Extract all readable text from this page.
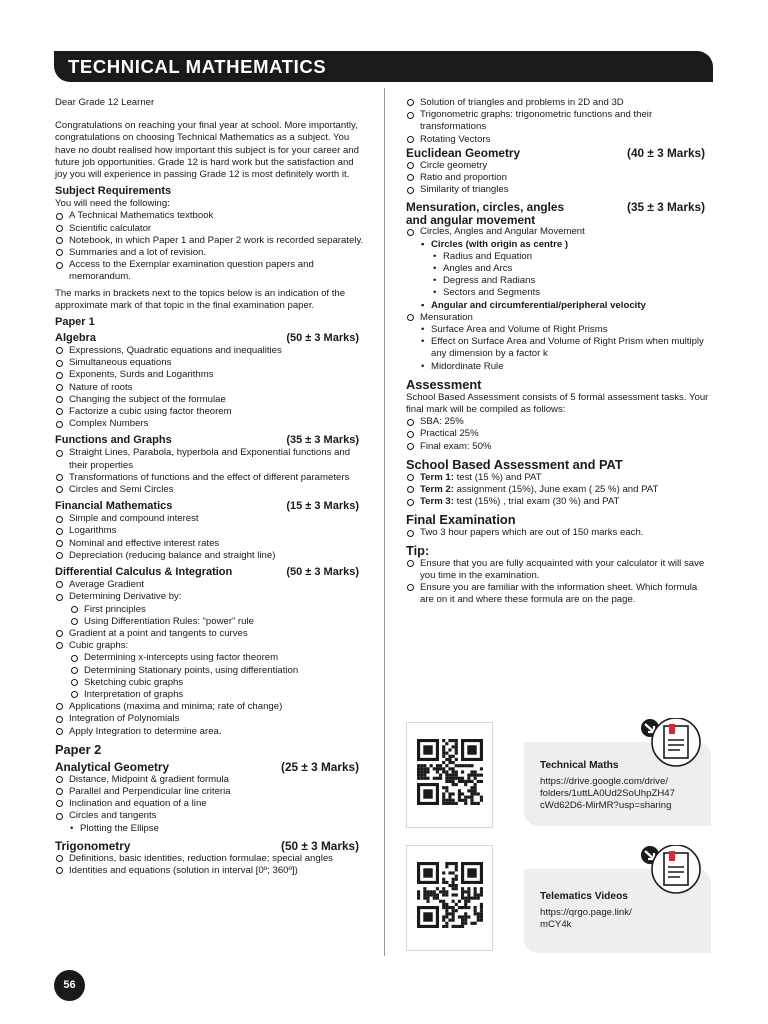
TECHNICAL MATHEMATICS

Dear Grade 12 Learner

Congratulations on reaching your final year at school. More importantly, congratulations on choosing Technical Mathematics as a subject. You have no doubt realised how important this subject is for your career and future job opportunities. Grade 12 is hard work but the satisfaction and joy you will experience in passing Grade 12 is most definitely worth it.

Subject Requirements

You will need the following:

A Technical Mathematics textbook
Scientific calculator
Notebook, in which Paper 1 and Paper 2 work is recorded separately.
Summaries and a lot of revision.
Access to the Exemplar examination question papers and memorandum.

The marks in brackets next to the topics below is an indication of the approximate mark of that topic in the final examination paper.

Paper 1
Algebra	(50 ± 3 Marks)
Expressions, Quadratic equations and inequalities
Simultaneous equations
Exponents, Surds and Logarithms
Nature of roots
Changing the subject of the formulae
Factorize a cubic using factor theorem
Complex Numbers
Functions and Graphs	(35 ± 3 Marks)
Straight Lines, Parabola, hyperbola and Exponential functions and their properties
Transformations of functions and the effect of different parameters
Circles and Semi Circles
Financial Mathematics	(15 ± 3 Marks)
Simple and compound interest
Logarithms
Nominal and effective interest rates
Depreciation (reducing balance and straight line)
Differential Calculus & Integration	(50 ± 3 Marks)
Average Gradient
Determining Derivative by:
First principles
Using Differentiation Rules: “power” rule
Gradient at a point and tangents to curves
Cubic graphs:
Determining x-intercepts using factor theorem
Determining Stationary points, using differentiation
Sketching cubic graphs
Interpretation of graphs
Applications (maxima and minima; rate of change)
Integration of Polynomials
Apply Integration to determine area.
Paper 2
Analytical Geometry	(25 ± 3 Marks)
Distance, Midpoint & gradient formula
Parallel and Perpendicular line criteria
Inclination and equation of a line
Circles and tangents
• Plotting the Ellipse
Trigonometry	(50 ± 3 Marks)
Definitions, basic identities, reduction formulae; special angles
Identities and equations (solution in interval [0º; 360º])
Solution of triangles and problems in 2D and 3D
Trigonometric graphs: trigonometric functions and their transformations
Rotating Vectors
Euclidean Geometry	(40 ± 3 Marks)
Circle geometry
Ratio and proportion
Similarity of triangles
Mensuration, circles, angles	(35 ± 3 Marks)
and angular movement
Circles, Angles and Angular Movement
• Circles (with origin as centre )
• Radius and Equation
• Angles and Arcs
• Degress and Radians
• Sectors and Segments
• Angular and circumferential/peripheral velocity
Mensuration
• Surface Area and Volume of Right Prisms
• Effect on Surface Area and Volume of Right Prism when multiply any dimension by a factor k
• Midordinate Rule
Assessment

School Based Assessment consists of 5 formal assessment tasks. Your final mark will be compiled as follows:

SBA: 25%
Practical 25%
Final exam: 50%
School Based Assessment and PAT
Term 1: test (15 %) and PAT
Term 2: assignment (15%), June exam ( 25 %) and PAT
Term 3: test (15%) , trial exam (30 %) and PAT
Final Examination
Two 3 hour papers which are out of 150 marks each.
Tip:
Ensure that you are fully acquainted with your calculator it will save you time in the examination.
Ensure you are familiar with the information sheet. Which formula are on it and where these formula are on the page.
Technical Maths
https://drive.google.com/drive/
folders/1uttLA0Ud2SoUhpZH47
cWd62D6-MirMR?usp=sharing
Telematics Videos
https://qrgo.page.link/
mCY4k
56
